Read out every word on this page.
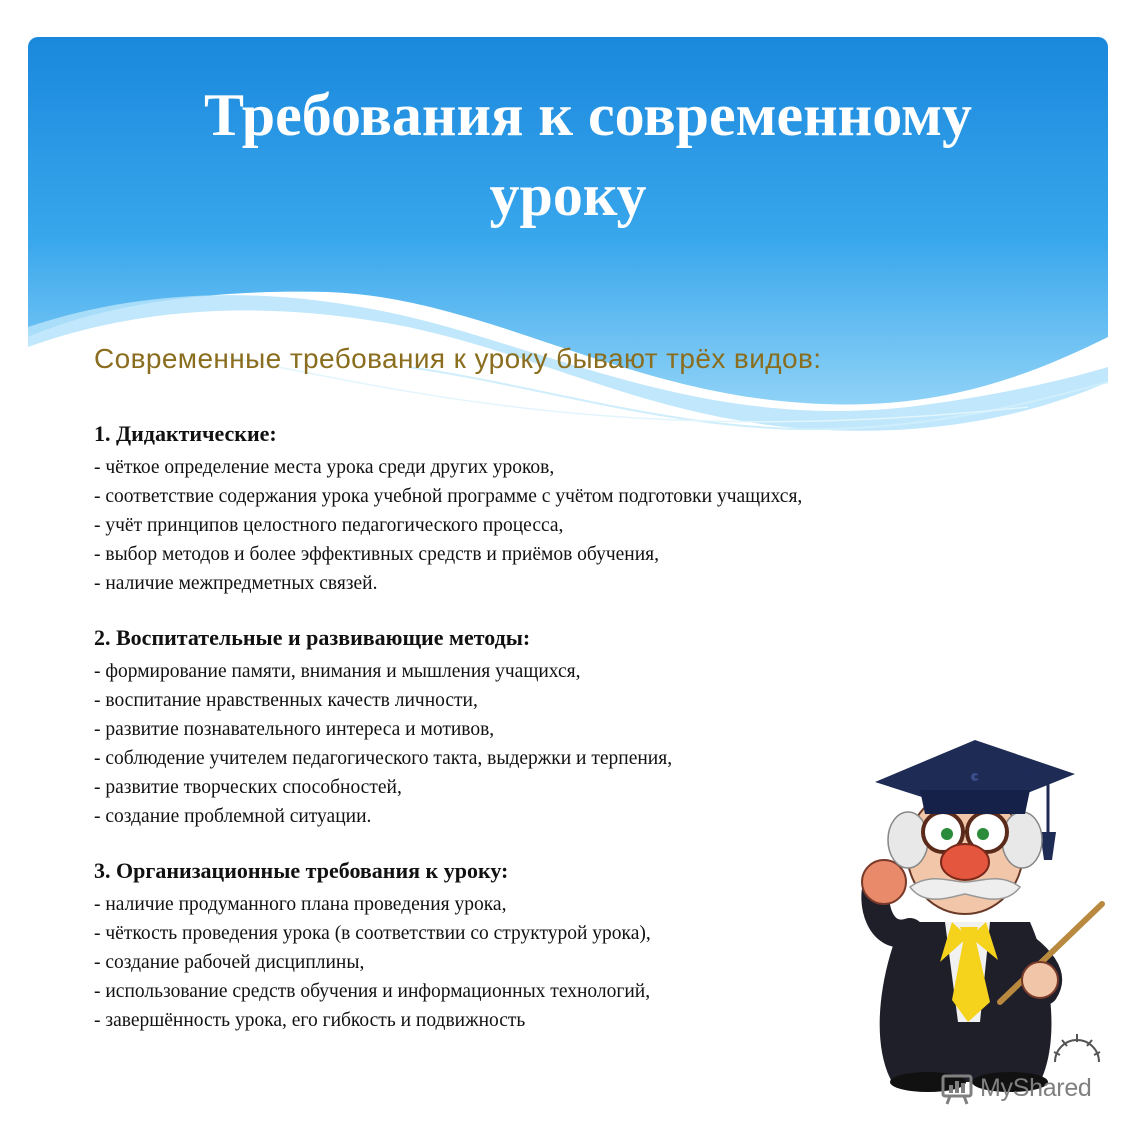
Требования к современному
уроку
Современные требования к уроку бывают трёх видов:
1. Дидактические:
- чёткое определение места урока среди других уроков,
- соответствие содержания урока учебной программе с учётом подготовки учащихся,
- учёт принципов целостного педагогического процесса,
- выбор методов и более эффективных средств и приёмов обучения,
- наличие межпредметных связей.
2. Воспитательные и развивающие методы:
- формирование памяти, внимания и мышления учащихся,
- воспитание нравственных качеств личности,
- развитие познавательного интереса и мотивов,
- соблюдение учителем педагогического такта, выдержки и терпения,
- развитие творческих способностей,
- создание проблемной ситуации.
3. Организационные требования к уроку:
- наличие продуманного плана проведения урока,
- чёткость проведения урока (в соответствии со структурой урока),
- создание рабочей дисциплины,
- использование средств обучения и информационных технологий,
- завершённость урока, его гибкость и подвижность
MyShared
